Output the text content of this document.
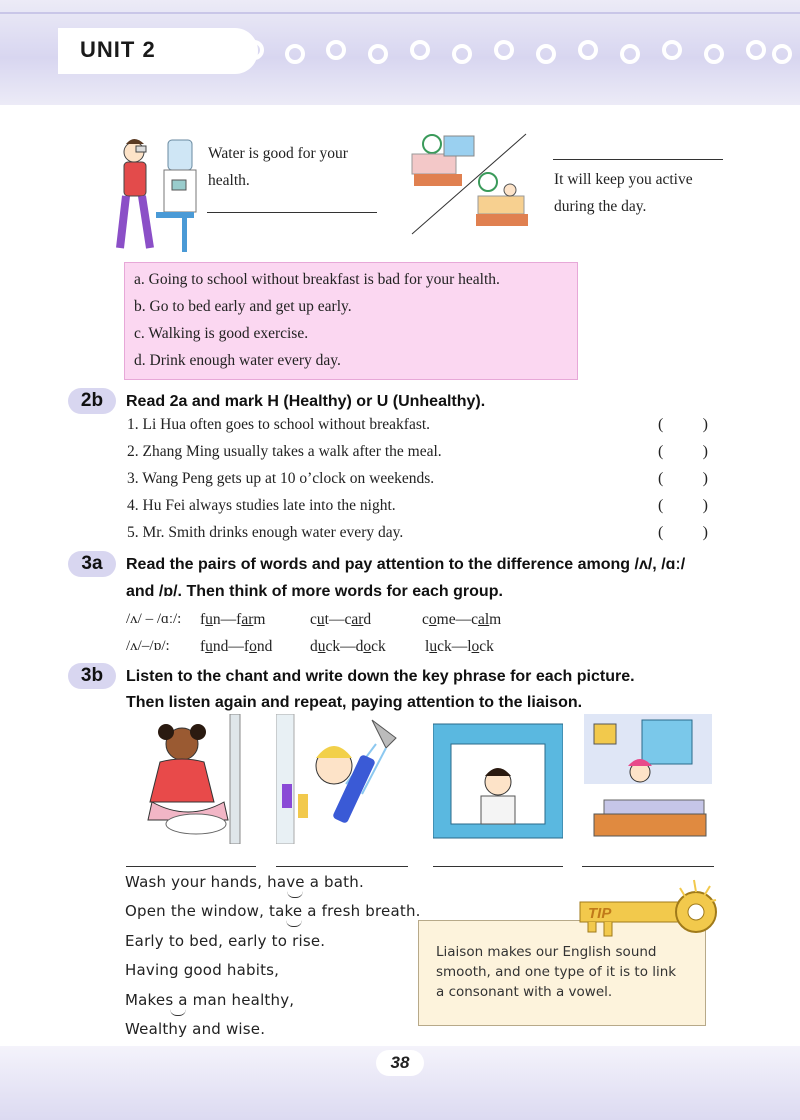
UNIT 2
Water is good for your health.	It will keep you active during the day.
a. Going to school without breakfast is bad for your health.
b. Go to bed early and get up early.
c. Walking is good exercise.
d. Drink enough water every day.
2b	Read 2a and mark H (Healthy) or U (Unhealthy).
1. Li Hua often goes to school without breakfast.	( )
2. Zhang Ming usually takes a walk after the meal.	( )
3. Wang Peng gets up at 10 o’clock on weekends.	( )
4. Hu Fei always studies late into the night.	( )
5. Mr. Smith drinks enough water every day.	( )
3a	Read the pairs of words and pay attention to the difference among /ʌ/, /ɑː/
and /ɒ/. Then think of more words for each group.
/ʌ/ – /ɑː/: fun—farm	cut—card	come—calm
/ʌ/–/ɒ/: fund—fond duck—dock	luck—lock
3b	Listen to the chant and write down the key phrase for each picture.
Then listen again and repeat, paying attention to the liaison.
Wash your hands, have a bath.
Open the window, take a fresh breath.
Early to bed, early to rise.
Having good habits,
Makes a man healthy,
Wealthy and wise.
TIP
Liaison makes our English sound smooth, and one type of it is to link a consonant with a vowel.
38
